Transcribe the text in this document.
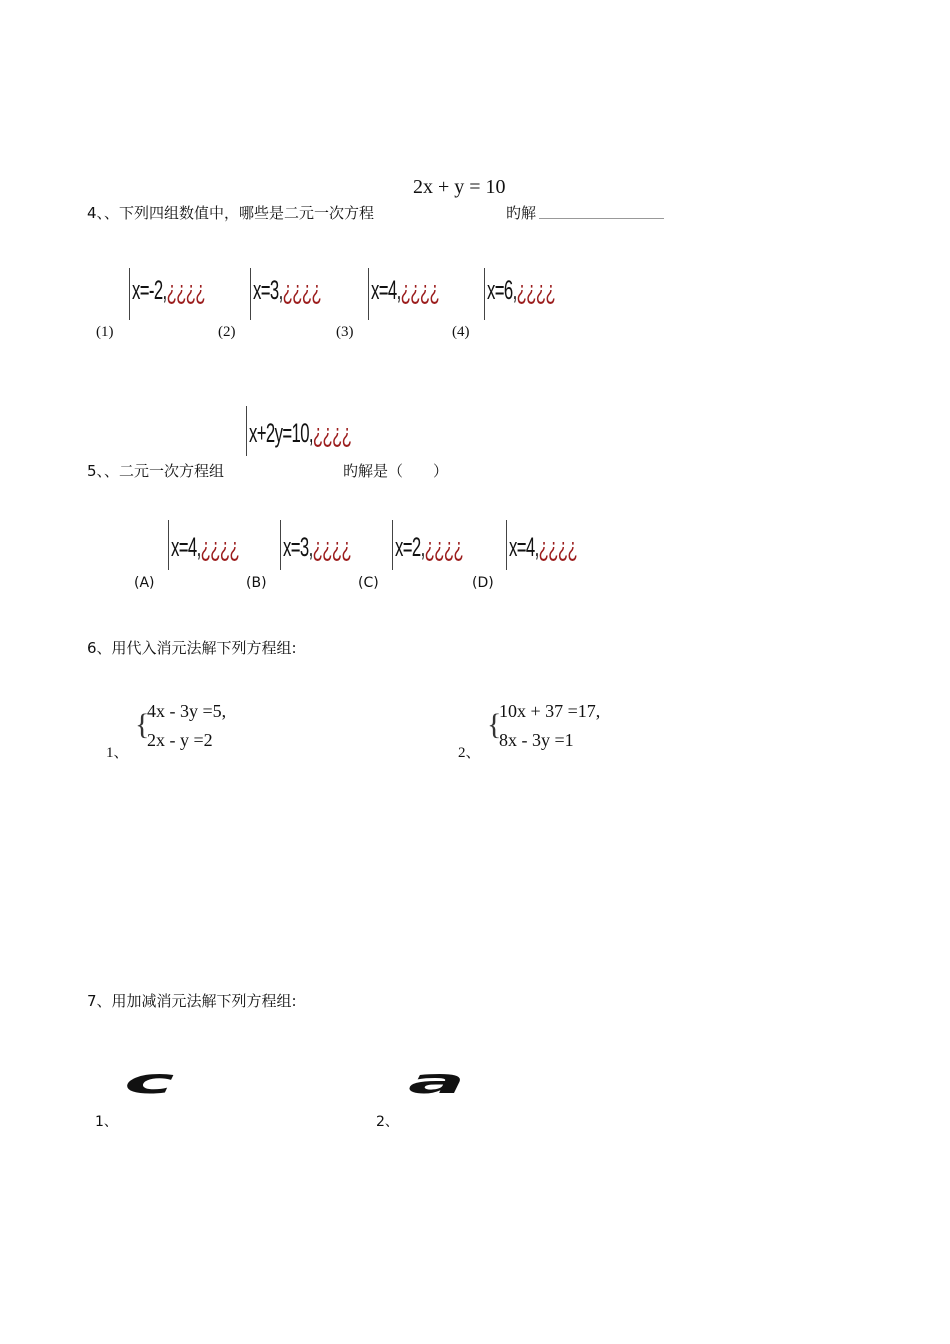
2x + y = 10
4、、下列四组数值中，哪些是二元一次方程	旳解
x=-2,¿¿¿¿
(1)
x=3,¿¿¿¿
(2)
x=4,¿¿¿¿
(3)
x=6,¿¿¿¿
(4)
x+2y=10,¿¿¿¿
5、、二元一次方程组	旳解是（　　）
x=4,¿¿¿¿
(A)
x=3,¿¿¿¿
(B)
x=2,¿¿¿¿
(C)
x=4,¿¿¿¿
(D)
6、用代入消元法解下列方程组:
1、
{
4x - 3y =5,
2x - y =2
2、
{
10x + 37 =17,
8x - 3y =1
7、用加减消元法解下列方程组:
c
1、
a
2、
